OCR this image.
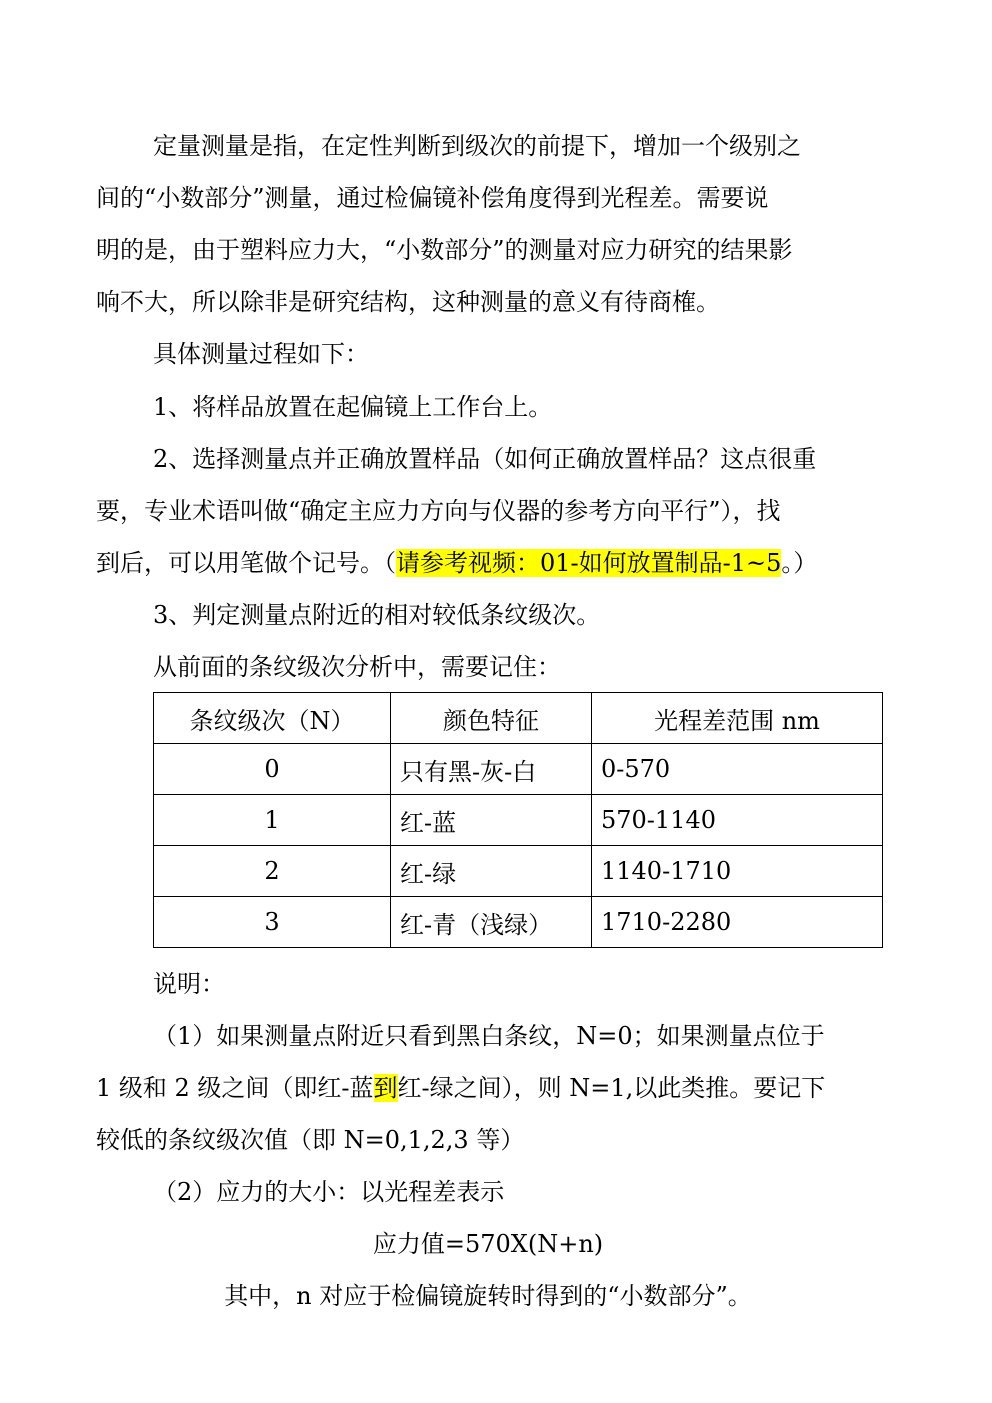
定量测量是指，在定性判断到级次的前提下，增加一个级别之
间的“小数部分”测量，通过检偏镜补偿角度得到光程差。需要说
明的是，由于塑料应力大，“小数部分”的测量对应力研究的结果影
响不大，所以除非是研究结构，这种测量的意义有待商榷。
具体测量过程如下：
1、将样品放置在起偏镜上工作台上。
2、选择测量点并正确放置样品（如何正确放置样品？这点很重
要，专业术语叫做“确定主应力方向与仪器的参考方向平行”），找
到后，可以用笔做个记号。（请参考视频：01-如何放置制品-1~5。）
3、判定测量点附近的相对较低条纹级次。
从前面的条纹级次分析中，需要记住：
条纹级次（N）	颜色特征	光程差范围 nm
0	只有黑-灰-白	0-570
1	红-蓝	570-1140
2	红-绿	1140-1710
3	红-青（浅绿）	1710-2280
说明：
（1）如果测量点附近只看到黑白条纹，N=0；如果测量点位于
1 级和 2 级之间（即红-蓝到红-绿之间），则 N=1,以此类推。要记下
较低的条纹级次值（即 N=0,1,2,3 等）
（2）应力的大小：以光程差表示
应力值=570X(N+n)
其中，n 对应于检偏镜旋转时得到的“小数部分”。
